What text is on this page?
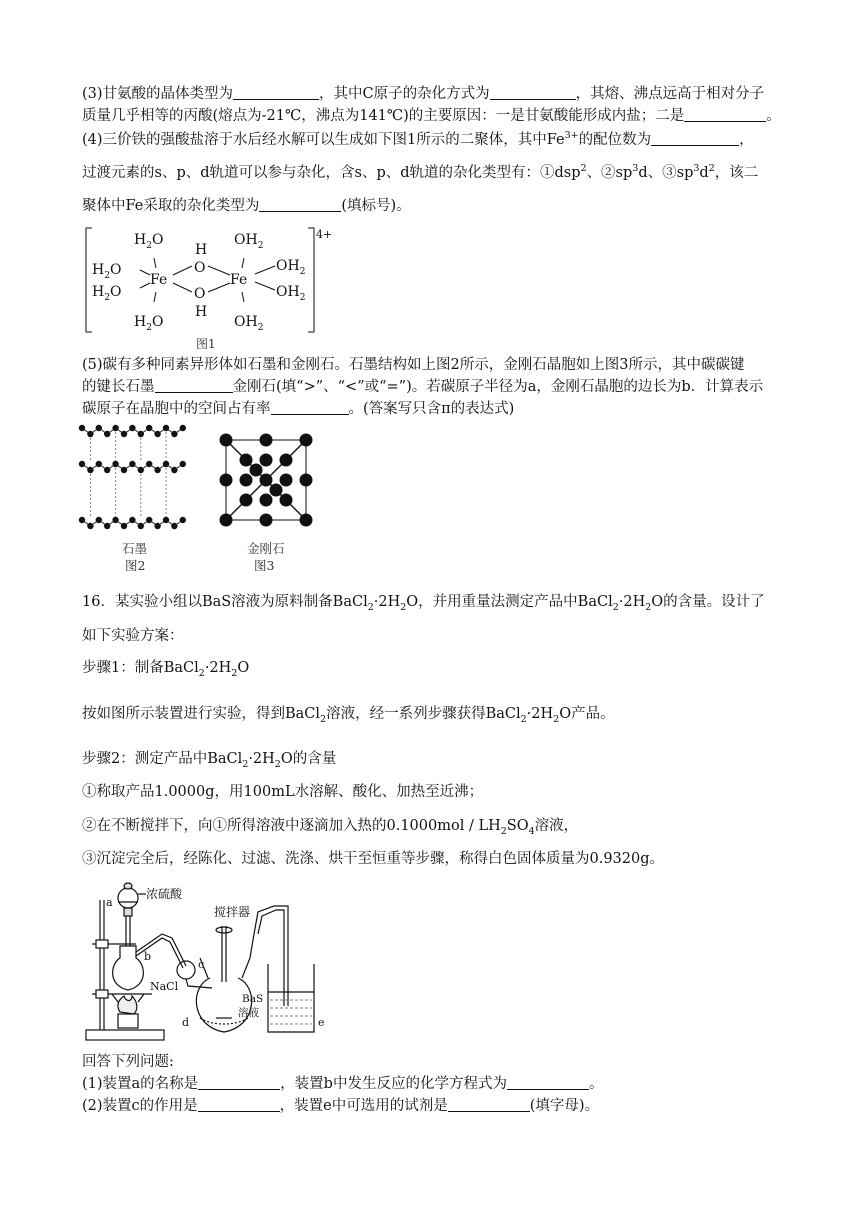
(3)甘氨酸的晶体类型为	，其中C原子的杂化方式为	，其熔、沸点远高于相对分子
质量几乎相等的丙酸(熔点为-21℃，沸点为141℃)的主要原因：一是甘氨酸能形成内盐；二是	。
(4)三价铁的强酸盐溶于水后经水解可以生成如下图1所示的二聚体，其中$Fe^{3+}$的配位数为	，
过渡元素的s、p、d轨道可以参与杂化，含s、p、d轨道的杂化类型有：①dsp$^2$、$②sp^3d$、$③sp^3d^2$，该二
聚体中Fe采取的杂化类型为	(填标号)。
$H_2O$
$H_2O$
$H_2O$
$H_2O$
Fe
H
O
O
H
Fe
$OH_2$
$OH_2$
$OH_2$
$OH_2$
4+
图1
(5)碳有多种同素异形体如石墨和金刚石。石墨结构如上图2所示，金刚石晶胞如上图3所示，其中碳碳键
的键长石墨	金刚石(填“>”、“<”或“=”)。若碳原子半径为a，金刚石晶胞的边长为b．计算表示
碳原子在晶胞中的空间占有率	。(答案写只含π的表达式)
石墨
图2
金刚石
图3
16．某实验小组以BaS溶液为原料制备$BaCl_2\cdot 2H_2O$，并用重量法测定产品中$BaCl_2\cdot 2H_2O$的含量。设计了
如下实验方案：
步骤1：制备$BaCl_2\cdot 2H_2O$
按如图所示装置进行实验，得到BaCl$_2$溶液，经一系列步骤获得$BaCl_2\cdot 2H_2O$产品。
步骤2：测定产品中$BaCl_2\cdot 2H_2O$的含量
①称取产品1.0000g，用100mL水溶解、酸化、加热至近沸；
②在不断搅拌下，向①所得溶液中逐滴加入热的$0.1000mol / LH_2SO_4$溶液，
③沉淀完全后，经陈化、过滤、洗涤、烘干至恒重等步骤，称得白色固体质量为0.9320g。
a
浓硫酸
b
NaCl
c
搅拌器
d
BaS
溶液
e
回答下列问题:
(1)装置a的名称是	，装置b中发生反应的化学方程式为	。
(2)装置c的作用是	，装置e中可选用的试剂是	(填字母)。
